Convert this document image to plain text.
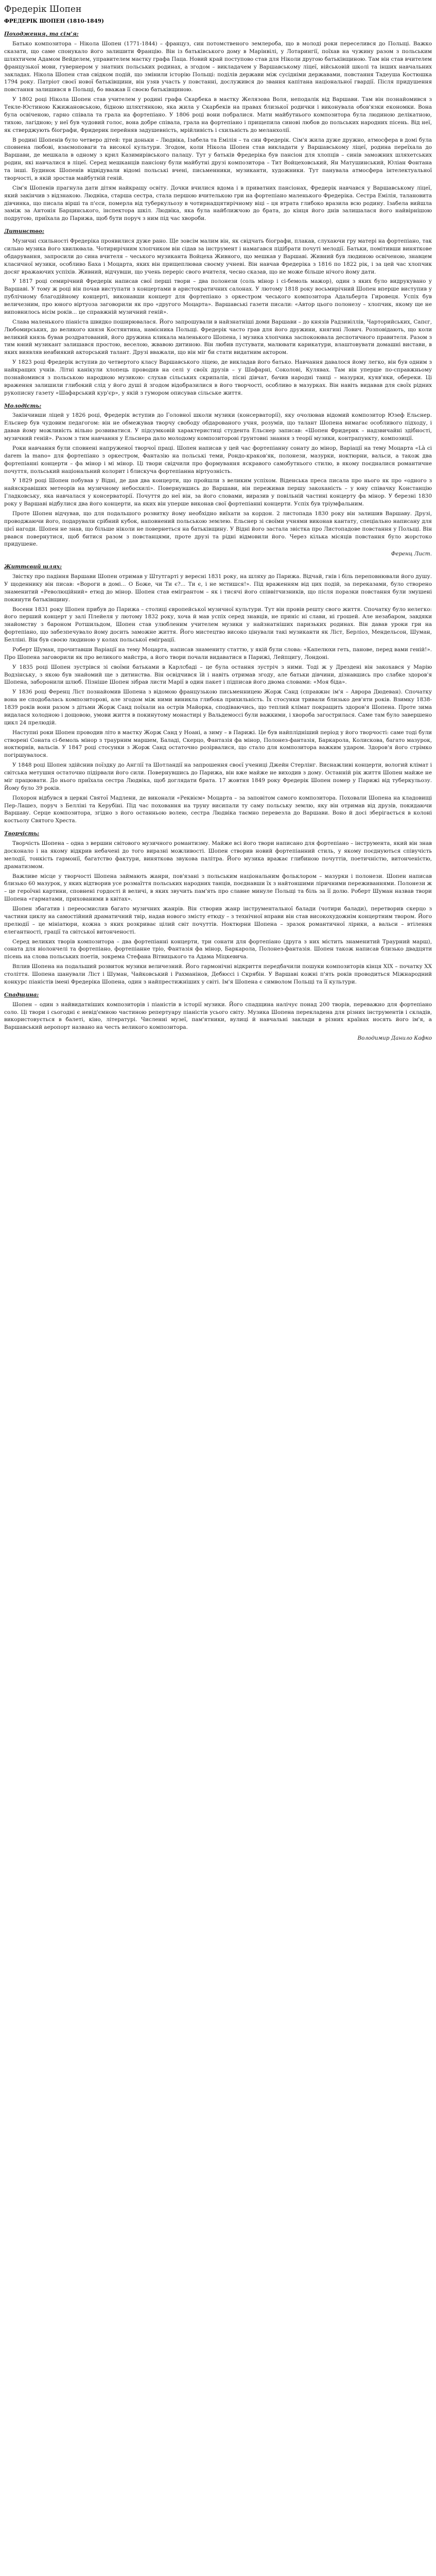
Фредерік Шопен
ФРЕДЕРІК ШОПЕН (1810-1849)
Походження, та сім'я:

Батько композитора – Нікола Шопен (1771-1844) – француз, син потомственого землероба, що в молоді роки переселився до Польщі. Важко сказати, що саме спонукало його залишити Францію. Він із батьківського дому в Марінвілі, у Лотарингії, поїхав на чужину разом з польським шляхтичем Адамом Вейделем, управителем маєтку графа Паца. Новий край поступово став для Ніколи другою батьківщиною. Там він став вчителем французької мови, гувернером у знатних польських родинах, а згодом – викладачем у Варшавському ліцеї, військовій школі та інших навчальних закладах. Нікола Шопен став свідком подій, що змінили історію Польщі: поділів держави між сусідніми державами, повстання Тадеуша Костюшка 1794 року. Патріот своєї нової батьківщини, він узяв участь у повстанні, дослужився до звання капітана національної гвардії. Після придушення повстання залишився в Польщі, бо вважав її своєю батьківщиною.

У 1802 році Нікола Шопен став учителем у родині графа Скарбека в маєтку Желязова Воля, неподалік від Варшави. Там він познайомився з Текле-Юстиною Кжижановською, бідною шляхтянкою, яка жила у Скарбеків на правах близької родички і виконувала обов'язки економки. Вона була освіченою, гарно співала та грала на фортепіано. У 1806 році вони побралися. Мати майбутнього композитора була людиною делікатною, тихою, лагідною; у неї був чудовий голос, вона добре співала, грала на фортепіано і прищепила синові любов до польських народних пісень. Від неї, як стверджують біографи, Фридерик перейняв задушевність, мрійливість і схильність до меланхолії.

В родині Шопенів було четверо дітей: три доньки – Людвіка, Ізабела та Емілія – та син Фредерік. Сім'я жила дуже дружно, атмосфера в домі була сповнена любові, взаємоповаги та високої культури. Згодом, коли Нікола Шопен став викладати у Варшавському ліцеї, родина переїхала до Варшави, де мешкала в одному з крил Казимирівського палацу. Тут у батьків Фредеріка був пансіон для хлопців – синів заможних шляхетських родин, які навчалися в ліцеї. Серед мешканців пансіону були майбутні друзі композитора – Тит Войцеховський, Ян Матушинський, Юліан Фонтана та інші. Будинок Шопенів відвідували відомі польські вчені, письменники, музиканти, художники. Тут панувала атмосфера інтелектуальної творчості, в якій зростав майбутній геній.

Сім'я Шопенів прагнула дати дітям найкращу освіту. Дочки вчилися вдома і в приватних пансіонах, Фредерік навчався у Варшавському ліцеї, який закінчив з відзнакою. Людвіка, старша сестра, стала першою вчителькою гри на фортепіано маленького Фредеріка. Сестра Емілія, талановита дівчинка, що писала вірші та п'єси, померла від туберкульозу в чотирнадцятирічному віці – ця втрата глибоко вразила всю родину. Ізабела вийшла заміж за Антонія Барцинського, інспектора шкіл. Людвіка, яка була найближчою до брата, до кінця його днів залишалася його найвірнішою подругою, приїхала до Парижа, щоб бути поруч з ним під час хвороби.

Дитинство:

Музичні схильності Фредеріка проявилися дуже рано. Ще зовсім малим він, як свідчать біографи, плакав, слухаючи гру матері на фортепіано, так сильно музика його хвилювала. Чотирирічним хлопчиком він сідав за інструмент і намагався підібрати почуті мелодії. Батьки, помітивши виняткове обдарування, запросили до сина вчителя – чеського музиканта Войцеха Живного, що мешкав у Варшаві. Живний був людиною освіченою, знавцем класичної музики, особливо Баха і Моцарта, яких він прищеплював своєму учневі. Він навчав Фредеріка з 1816 по 1822 рік, і за цей час хлопчик досяг вражаючих успіхів. Живний, відчувши, що учень переріс свого вчителя, чесно сказав, що не може більше нічого йому дати.

У 1817 році семирічний Фредерік написав свої перші твори – два полонези (соль мінор і сі-бемоль мажор), один з яких було видрукувано у Варшаві. У тому ж році він почав виступати з концертами в аристократичних салонах. У лютому 1818 року восьмирічний Шопен вперше виступив у публічному благодійному концерті, виконавши концерт для фортепіано з оркестром чеського композитора Адальберта Гировеця. Успіх був величезним, про юного віртуоза заговорили як про «другого Моцарта». Варшавські газети писали: «Автор цього полонезу – хлопчик, якому ще не виповнилось вісім років... це справжній музичний геній».

Слава маленького піаніста швидко поширювалася. Його запрошували в найзнатніші доми Варшави – до князів Радзивіллів, Чарторийських, Сапєг, Любомирських, до великого князя Костянтина, намісника Польщі. Фредерік часто грав для його дружини, княгині Лович. Розповідають, що коли великий князь бував роздратований, його дружина кликала маленького Шопена, і музика хлопчика заспокоювала деспотичного правителя. Разом з тим юний музикант залишався простою, веселою, жвавою дитиною. Він любив пустувати, малювати карикатури, влаштовувати домашні вистави, в яких виявляв неабиякий акторський талант. Друзі вважали, що він міг би стати видатним актором.

У 1823 році Фредерік вступив до четвертого класу Варшавського ліцею, де викладав його батько. Навчання давалося йому легко, він був одним з найкращих учнів. Літні канікули хлопець проводив на селі у своїх друзів – у Шафарні, Соколові, Кулявах. Там він уперше по-справжньому познайомився з польською народною музикою: слухав сільських скрипалів, пісні дівчат, бачив народні танці – мазурки, куяв'яки, обереки. Ці враження залишили глибокий слід у його душі й згодом відобразилися в його творчості, особливо в мазурках. Він навіть видавав для своїх рідних рукописну газету «Шафарський кур'єр», у якій з гумором описував сільське життя.

Молодість:

Закінчивши ліцей у 1826 році, Фредерік вступив до Головної школи музики (консерваторії), яку очолював відомий композитор Юзеф Ельснер. Ельснер був чудовим педагогом: він не обмежував творчу свободу обдарованого учня, розумів, що талант Шопена вимагає особливого підходу, і давав йому можливість вільно розвиватися. У підсумковій характеристиці студента Ельснер записав: «Шопен Фридерик – надзвичайні здібності, музичний геній». Разом з тим навчання у Ельснера дало молодому композиторові ґрунтовні знання з теорії музики, контрапункту, композиції.

Роки навчання були сповнені напруженої творчої праці. Шопен написав у цей час фортепіанну сонату до мінор, Варіації на тему Моцарта «Là ci darem la mano» для фортепіано з оркестром, Фантазію на польські теми, Рондо-краков'як, полонези, мазурки, ноктюрни, вальси, а також два фортепіанні концерти – фа мінор і мі мінор. Ці твори свідчили про формування яскравого самобутнього стилю, в якому поєдналися романтичне почуття, польський національний колорит і блискуча фортепіанна віртуозність.

У 1829 році Шопен побував у Відні, де дав два концерти, що пройшли з великим успіхом. Віденська преса писала про нього як про «одного з найяскравіших метеорів на музичному небосхилі». Повернувшись до Варшави, він переживав першу закоханість – у юну співачку Констанцію Гладковську, яка навчалася у консерваторії. Почуття до неї він, за його словами, виразив у повільній частині концерту фа мінор. У березні 1830 року у Варшаві відбулися два його концерти, на яких він уперше виконав свої фортепіанні концерти. Успіх був тріумфальним.

Проте Шопен відчував, що для подальшого розвитку йому необхідно виїхати за кордон. 2 листопада 1830 року він залишив Варшаву. Друзі, проводжаючи його, подарували срібний кубок, наповнений польською землею. Ельснер зі своїми учнями виконав кантату, спеціально написану для цієї нагоди. Шопен не знав, що більше ніколи не повернеться на батьківщину. У Відні його застала звістка про Листопадове повстання у Польщі. Він рвався повернутися, щоб битися разом з повстанцями, проте друзі та рідні відмовили його. Через кілька місяців повстання було жорстоко придушене.

Ференц Лист.
Життєвий шлях:

Звістку про падіння Варшави Шопен отримав у Штутгарті у вересні 1831 року, на шляху до Парижа. Відчай, гнів і біль переповнювали його душу. У щоденнику він писав: «Вороги в домі... О Боже, чи Ти є?... Ти є, і не мстишся!». Під враженням від цих подій, за переказами, було створено знаменитий «Революційний» етюд до мінор. Шопен став емігрантом – як і тисячі його співвітчизників, що після поразки повстання були змушені покинути батьківщину.

Восени 1831 року Шопен прибув до Парижа – столиці європейської музичної культури. Тут він провів решту свого життя. Спочатку було нелегко: його перший концерт у залі Плейеля у лютому 1832 року, хоча й мав успіх серед знавців, не приніс ні слави, ні грошей. Але незабаром, завдяки знайомству з бароном Ротшильдом, Шопен став улюбленим учителем музики у найзнатніших паризьких родинах. Він давав уроки гри на фортепіано, що забезпечувало йому досить заможне життя. Його мистецтво високо цінували такі музиканти як Ліст, Берліоз, Мендельсон, Шуман, Белліні. Він був своєю людиною у колах польської еміграції.

Роберт Шуман, прочитавши Варіації на тему Моцарта, написав знамениту статтю, у якій були слова: «Капелюхи геть, панове, перед вами геній!». Про Шопена заговорили як про великого майстра, а його твори почали видаватися в Парижі, Лейпцигу, Лондоні.

У 1835 році Шопен зустрівся зі своїми батьками в Карлсбаді – це була остання зустріч з ними. Тоді ж у Дрездені він закохався у Марію Водзінську, з якою був знайомий ще з дитинства. Він освідчився їй і навіть отримав згоду, але батьки дівчини, дізнавшись про слабке здоров'я Шопена, заборонили шлюб. Пізніше Шопен зібрав листи Марії в один пакет і підписав його двома словами: «Моя біда».

У 1836 році Ференц Ліст познайомив Шопена з відомою французькою письменницею Жорж Санд (справжнє ім'я – Аврора Дюдеван). Спочатку вона не сподобалась композиторові, але згодом між ними виникла глибока прихильність. Їх стосунки тривали близько дев'яти років. Взимку 1838-1839 років вони разом з дітьми Жорж Санд поїхали на острів Майорка, сподіваючись, що теплий клімат покращить здоров'я Шопена. Проте зима видалася холодною і дощовою, умови життя в покинутому монастирі у Вальдемоссі були важкими, і хвороба загострилася. Саме там було завершено цикл 24 прелюдій.

Наступні роки Шопен проводив літо в маєтку Жорж Санд у Ноані, а зиму – в Парижі. Це був найплідніший період у його творчості: саме тоді були створені Соната сі-бемоль мінор з траурним маршем, Баладі, Скерцо, Фантазія фа мінор, Полонез-фантазія, Баркарола, Колискова, багато мазурок, ноктюрнів, вальсів. У 1847 році стосунки з Жорж Санд остаточно розірвалися, що стало для композитора важким ударом. Здоров'я його стрімко погіршувалося.

У 1848 році Шопен здійснив поїздку до Англії та Шотландії на запрошення своєї учениці Джейн Стерлінг. Виснажливі концерти, вологий клімат і світська метушня остаточно підірвали його сили. Повернувшись до Парижа, він вже майже не виходив з дому. Останній рік життя Шопен майже не міг працювати. До нього приїхала сестра Людвіка, щоб доглядати брата. 17 жовтня 1849 року Фредерік Шопен помер у Парижі від туберкульозу. Йому було 39 років.

Похорон відбувся в церкві Святої Мадлени, де виконали «Реквієм» Моцарта – за заповітом самого композитора. Поховали Шопена на кладовищі Пер-Лашез, поруч з Белліні та Керубіні. Під час поховання на труну висипали ту саму польську землю, яку він отримав від друзів, покидаючи Варшаву. Серце композитора, згідно з його останньою волею, сестра Людвіка таємно перевезла до Варшави. Воно й досі зберігається в колоні костьолу Святого Хреста.

Творчість:

Творчість Шопена – одна з вершин світового музичного романтизму. Майже всі його твори написано для фортепіано – інструмента, який він знав досконало і на якому відкрив небачені до того виразні можливості. Шопен створив новий фортепіанний стиль, у якому поєднуються співучість мелодії, тонкість гармонії, багатство фактури, виняткова звукова палітра. Його музика вражає глибиною почуттів, поетичністю, витонченістю, драматизмом.

Важливе місце у творчості Шопена займають жанри, пов'язані з польським національним фольклором – мазурки і полонези. Шопен написав близько 60 мазурок, у яких відтворив усе розмаїття польських народних танців, поєднавши їх з найтоншими ліричними переживаннями. Полонези ж – це героїчні картини, сповнені гордості й величі, в яких звучить пам'ять про славне минуле Польщі та біль за її долю. Роберт Шуман назвав твори Шопена «гарматами, прихованими в квітах».

Шопен збагатив і переосмислив багато музичних жанрів. Він створив жанр інструментальної балади (чотири балади), перетворив скерцо з частини циклу на самостійний драматичний твір, надав нового змісту етюду – з технічної вправи він став високохудожнім концертним твором. Його прелюдії – це мініатюри, кожна з яких розкриває цілий світ почуттів. Ноктюрни Шопена – зразок романтичної лірики, а вальси – втілення елегантності, грації та світської витонченості.

Серед великих творів композитора – два фортепіанні концерти, три сонати для фортепіано (друга з них містить знаменитий Траурний марш), соната для віолончелі та фортепіано, фортепіанне тріо, Фантазія фа мінор, Баркарола, Полонез-фантазія. Шопен також написав близько двадцяти пісень на слова польських поетів, зокрема Стефана Вітвицького та Адама Міцкевича.

Вплив Шопена на подальший розвиток музики величезний. Його гармонічні відкриття передбачили пошуки композиторів кінця XIX – початку XX століття. Шопена шанували Ліст і Шуман, Чайковський і Рахманінов, Дебюссі і Скрябін. У Варшаві кожні п'ять років проводиться Міжнародний конкурс піаністів імені Фредеріка Шопена, один з найпрестижніших у світі. Ім'я Шопена є символом Польщі та її культури.

Спадщина:

Шопен – один з найвидатніших композиторів і піаністів в історії музики. Його спадщина налічує понад 200 творів, переважно для фортепіано соло. Ці твори і сьогодні є невід'ємною частиною репертуару піаністів усього світу. Музика Шопена перекладена для різних інструментів і складів, використовується в балеті, кіно, літературі. Численні музеї, пам'ятники, вулиці й навчальні заклади в різних країнах носять його ім'я, а Варшавський аеропорт названо на честь великого композитора.

Володимир Данило Кафко
